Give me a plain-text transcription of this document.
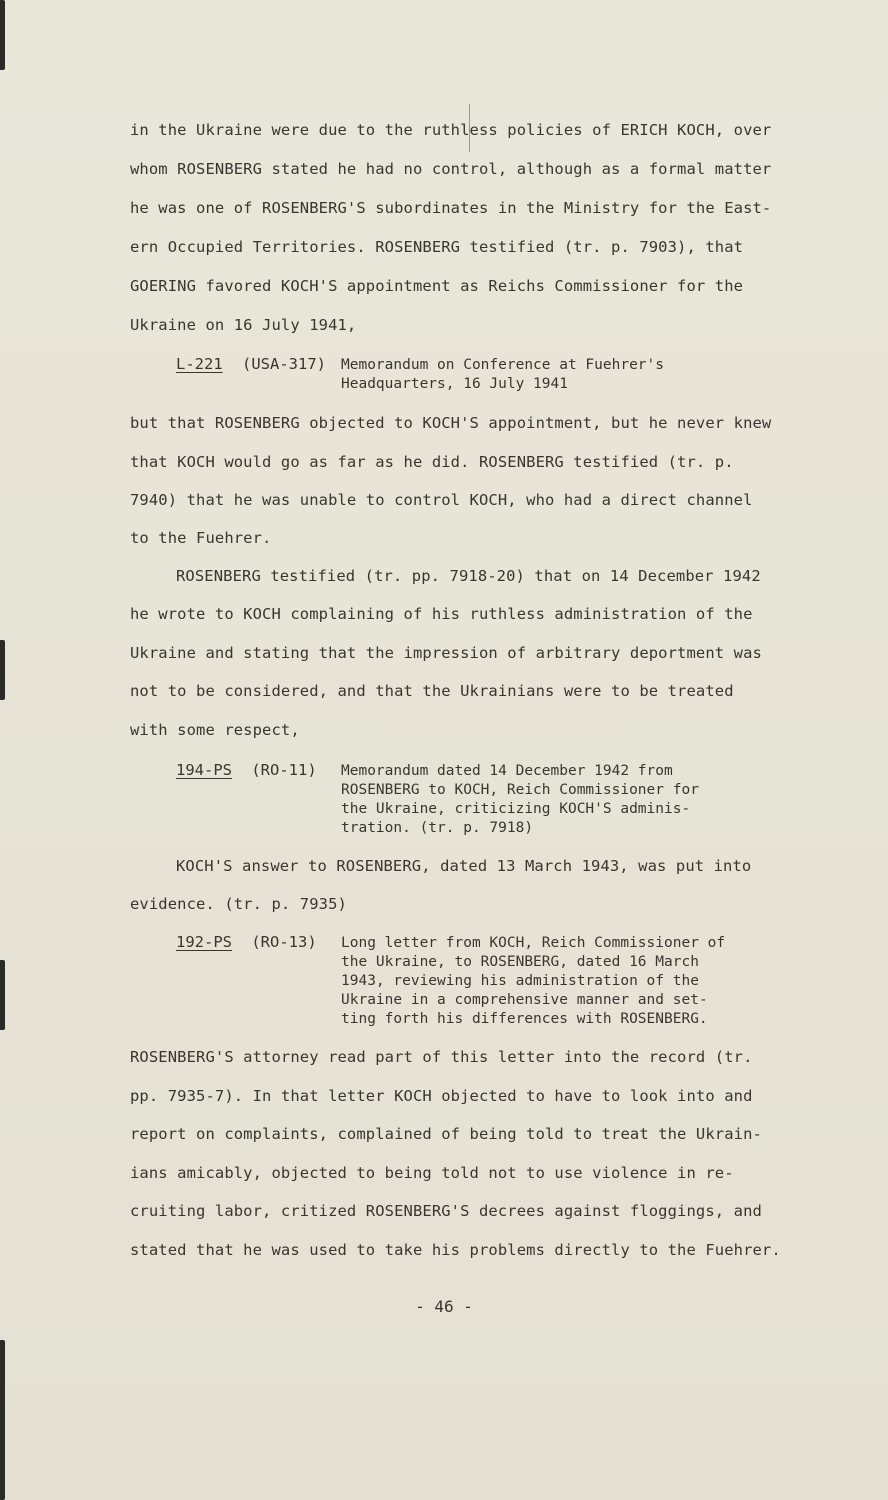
in the Ukraine were due to the ruthless policies of ERICH KOCH, over
whom ROSENBERG stated he had no control, although as a formal matter
he was one of ROSENBERG'S subordinates in the Ministry for the East-
ern Occupied Territories. ROSENBERG testified (tr. p. 7903), that
GOERING favored KOCH'S appointment as Reichs Commissioner for the
Ukraine on 16 July 1941,
L-221 (USA-317) Memorandum on Conference at Fuehrer's
Headquarters, 16 July 1941
but that ROSENBERG objected to KOCH'S appointment, but he never knew
that KOCH would go as far as he did. ROSENBERG testified (tr. p.
7940) that he was unable to control KOCH, who had a direct channel
to the Fuehrer.
ROSENBERG testified (tr. pp. 7918-20) that on 14 December 1942
he wrote to KOCH complaining of his ruthless administration of the
Ukraine and stating that the impression of arbitrary deportment was
not to be considered, and that the Ukrainians were to be treated
with some respect,
194-PS (RO-11) Memorandum dated 14 December 1942 from
ROSENBERG to KOCH, Reich Commissioner for
the Ukraine, criticizing KOCH'S adminis-
tration. (tr. p. 7918)
KOCH'S answer to ROSENBERG, dated 13 March 1943, was put into
evidence. (tr. p. 7935)
192-PS (RO-13) Long letter from KOCH, Reich Commissioner of
the Ukraine, to ROSENBERG, dated 16 March
1943, reviewing his administration of the
Ukraine in a comprehensive manner and set-
ting forth his differences with ROSENBERG.
ROSENBERG'S attorney read part of this letter into the record (tr.
pp. 7935-7). In that letter KOCH objected to have to look into and
report on complaints, complained of being told to treat the Ukrain-
ians amicably, objected to being told not to use violence in re-
cruiting labor, critized ROSENBERG'S decrees against floggings, and
stated that he was used to take his problems directly to the Fuehrer.
- 46 -
